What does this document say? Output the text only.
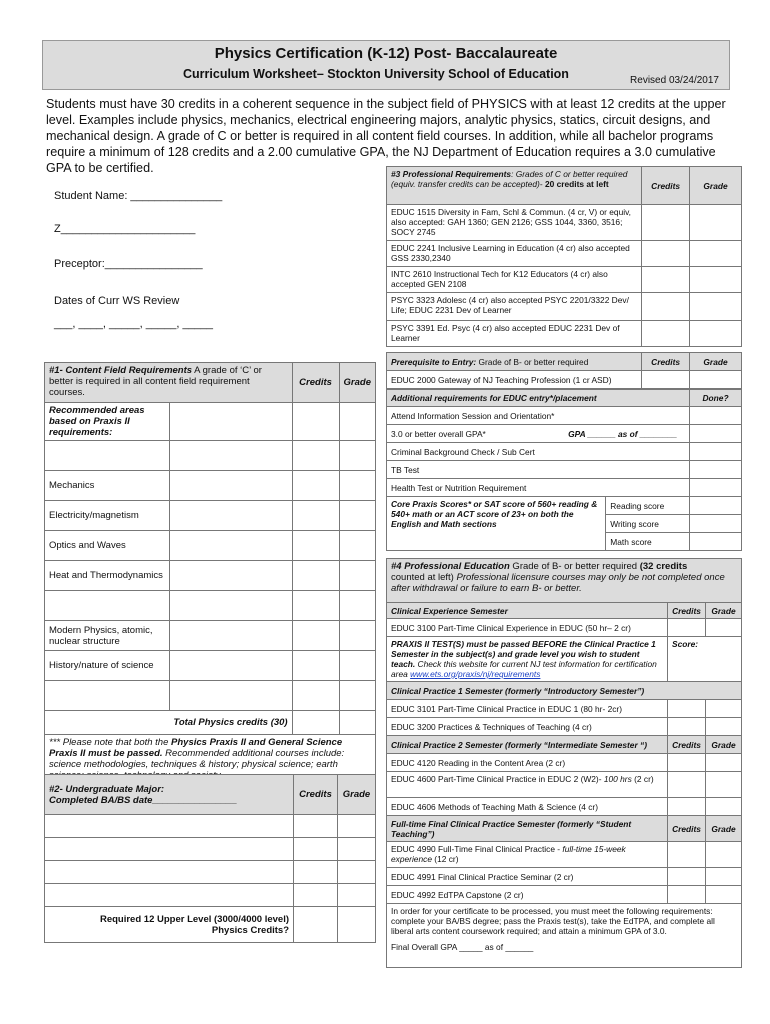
Physics Certification (K-12) Post- Baccalaureate
Curriculum Worksheet– Stockton University School of Education	Revised 03/24/2017
Students must have 30 credits in a coherent sequence in the subject field of PHYSICS with at least 12 credits at the upper level. Examples include physics, mechanics, electrical engineering majors, analytic physics, statics, circuit designs, and mechanical design. A grade of C or better is required in all content field courses. In addition, while all bachelor programs require a minimum of 128 credits and a 2.00 cumulative GPA, the NJ Department of Education requires a 3.0 cumulative GPA to be certified.
Student Name: _______________
Z______________________
Preceptor:________________
Dates of Curr WS Review
___, ____, _____, _____, _____
#1- Content Field Requirements A grade of ‘C’ or better is required in all content field requirement courses.		Credits	Grade
Recommended areas based on Praxis II requirements:			

Mechanics			
Electricity/magnetism			
Optics and Waves			
Heat and Thermodynamics			

Modern Physics, atomic, nuclear structure			
History/nature of science			

Total Physics credits (30)			
*** Please note that both the Physics Praxis II and General Science Praxis II must be passed. Recommended additional courses include: science methodologies, techniques & history; physical science; earth			
#2- Undergraduate Major:
Completed BA/BS date________________	Credits	Grade

Required 12 Upper Level (3000/4000 level)
Physics Credits?		

#3 Professional Requirements: Grades of C or better required (equiv. transfer credits can be accepted)- 20 credits at left	Credits	Grade
EDUC 1515 Diversity in Fam, Schl & Commun. (4 cr, V) or equiv, also accepted: GAH 1360; GEN 2126; GSS 1044, 3360, 3516; SOCY 2745		
EDUC 2241 Inclusive Learning in Education (4 cr) also accepted GSS 2330,2340		
INTC 2610 Instructional Tech for K12 Educators (4 cr) also accepted GEN 2108		
PSYC 3323 Adolesc (4 cr) also accepted PSYC 2201/3322 Dev/ Life; EDUC 2231 Dev of Learner		
PSYC 3391 Ed. Psyc (4 cr) also accepted EDUC 2231 Dev of Learner		
Prerequisite to Entry: Grade of B- or better required	Credits	Grade
EDUC 2000 Gateway of NJ Teaching Profession (1 cr ASD)		
Additional requirements for EDUC entry*/placement		Done?
Attend Information Session and Orientation*		
3.0 or better overall GPA* GPA ______ as of ________		
Criminal Background Check / Sub Cert		
TB Test		
Health Test or Nutrition Requirement		
Core Praxis Scores* or SAT score of 560+ reading & 540+ math or an ACT score of 23+ on both the English and Math sections	Reading score	
	Writing score	
	Math score	
#4 Professional Education Grade of B- or better required (32 credits
counted at left) Professional licensure courses may only be not completed once after withdrawal or failure to earn B- or better.		
Clinical Experience Semester	Credits	Grade
EDUC 3100 Part-Time Clinical Experience in EDUC (50 hr– 2 cr)		
PRAXIS II TEST(S) must be passed BEFORE the Clinical Practice 1 Semester in the subject(s) and grade level you wish to student teach. Check this website for current NJ test information for certification area www.ets.org/praxis/nj/requirements	Score:	
Clinical Practice 1 Semester (formerly “Introductory Semester”)		
EDUC 3101 Part-Time Clinical Practice in EDUC 1 (80 hr- 2cr)		
EDUC 3200 Practices & Techniques of Teaching (4 cr)		
Clinical Practice 2 Semester (formerly “Intermediate Semester “)	Credits	Grade
EDUC 4120 Reading in the Content Area (2 cr)		
EDUC 4600 Part-Time Clinical Practice in EDUC 2 (W2)- 100 hrs (2 cr)		
EDUC 4606 Methods of Teaching Math & Science (4 cr)		
Full-time Final Clinical Practice Semester (formerly “Student Teaching”)	Credits	Grade
EDUC 4990 Full-Time Final Clinical Practice - full-time 15-week experience (12 cr)		
EDUC 4991 Final Clinical Practice Seminar (2 cr)		
EDUC 4992 EdTPA Capstone (2 cr)		

In order for your certificate to be processed, you must meet the following requirements: complete your BA/BS degree; pass the Praxis test(s), take the EdTPA, and complete all liberal arts content coursework required; and attain a minimum GPA of 3.0.
Final Overall GPA _____ as of ______		
